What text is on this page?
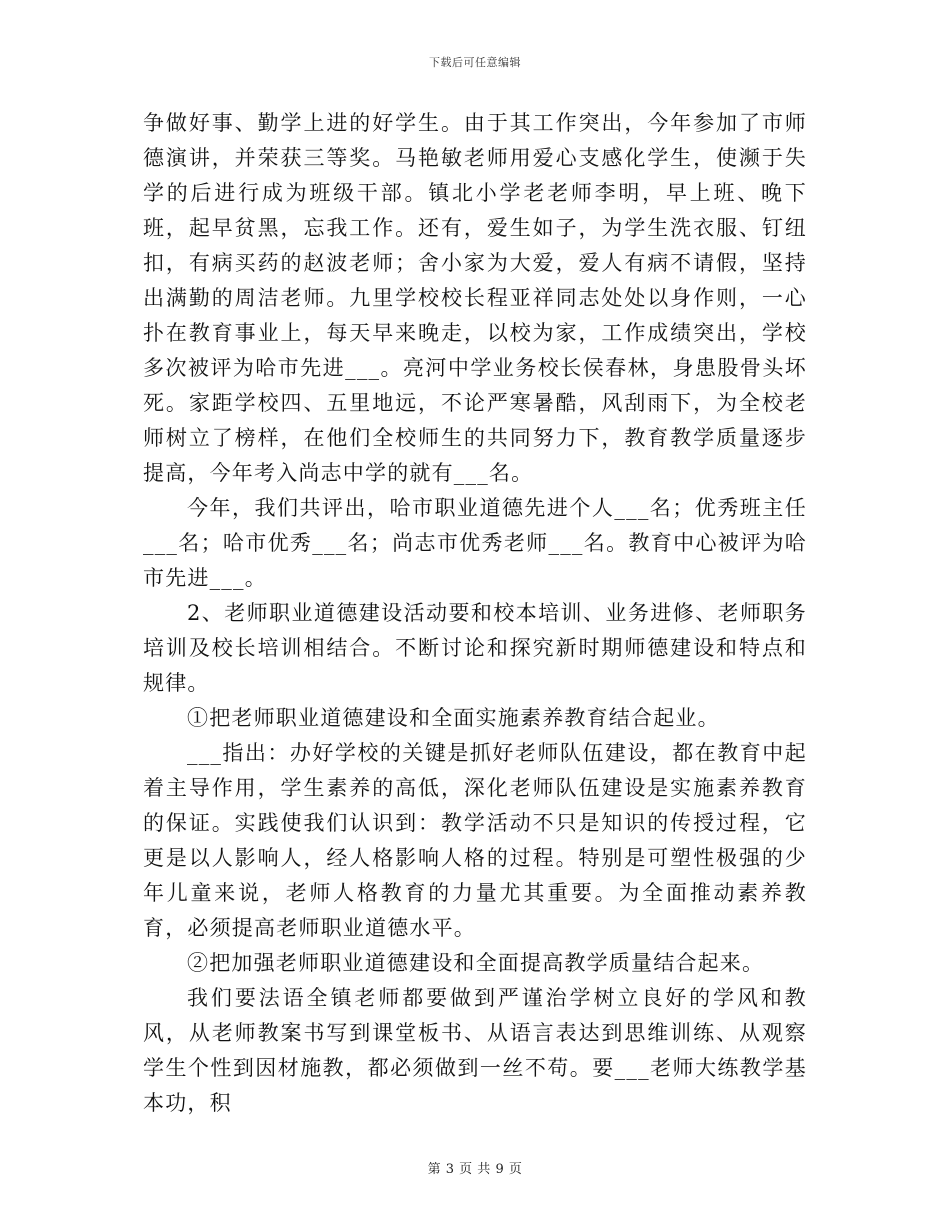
下载后可任意编辑

争做好事、勤学上进的好学生。由于其工作突出，今年参加了市师德演讲，并荣获三等奖。马艳敏老师用爱心支感化学生，使濒于失学的后进行成为班级干部。镇北小学老老师李明，早上班、晚下班，起早贫黑，忘我工作。还有，爱生如子，为学生洗衣服、钉纽扣，有病买药的赵波老师；舍小家为大爱，爱人有病不请假，坚持出满勤的周洁老师。九里学校校长程亚祥同志处处以身作则，一心扑在教育事业上，每天早来晚走，以校为家，工作成绩突出，学校多次被评为哈市先进___。亮河中学业务校长侯春林，身患股骨头坏死。家距学校四、五里地远，不论严寒暑酷，风刮雨下，为全校老师树立了榜样，在他们全校师生的共同努力下，教育教学质量逐步提高，今年考入尚志中学的就有___名。

今年，我们共评出，哈市职业道德先进个人___名；优秀班主任___名；哈市优秀___名；尚志市优秀老师___名。教育中心被评为哈市先进___。

2、老师职业道德建设活动要和校本培训、业务进修、老师职务培训及校长培训相结合。不断讨论和探究新时期师德建设和特点和规律。

①把老师职业道德建设和全面实施素养教育结合起业。

___指出：办好学校的关键是抓好老师队伍建设，都在教育中起着主导作用，学生素养的高低，深化老师队伍建设是实施素养教育的保证。实践使我们认识到：教学活动不只是知识的传授过程，它更是以人影响人，经人格影响人格的过程。特别是可塑性极强的少年儿童来说，老师人格教育的力量尤其重要。为全面推动素养教育，必须提高老师职业道德水平。

②把加强老师职业道德建设和全面提高教学质量结合起来。

我们要法语全镇老师都要做到严谨治学树立良好的学风和教风，从老师教案书写到课堂板书、从语言表达到思维训练、从观察学生个性到因材施教，都必须做到一丝不苟。要___老师大练教学基本功，积

第 3 页 共 9 页
